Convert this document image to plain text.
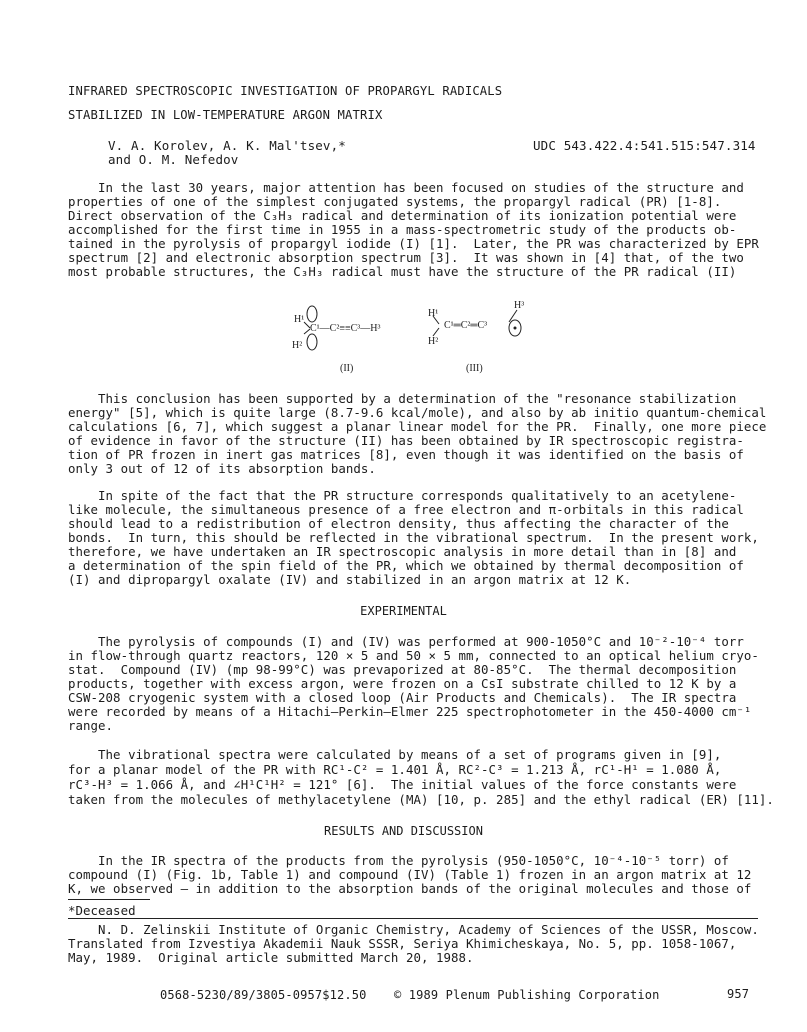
INFRARED SPECTROSCOPIC INVESTIGATION OF PROPARGYL RADICALS
STABILIZED IN LOW-TEMPERATURE ARGON MATRIX
V. A. Korolev, A. K. Mal'tsev,*
and O. M. Nefedov
UDC 543.422.4:541.515:547.314
In the last 30 years, major attention has been focused on studies of the structure and
properties of one of the simplest conjugated systems, the propargyl radical (PR) [1-8].
Direct observation of the C₃H₃ radical and determination of its ionization potential were
accomplished for the first time in 1955 in a mass-spectrometric study of the products ob-
tained in the pyrolysis of propargyl iodide (I) [1].  Later, the PR was characterized by EPR
spectrum [2] and electronic absorption spectrum [3].  It was shown in [4] that, of the two
most probable structures, the C₃H₃ radical must have the structure of the PR radical (II)
H¹
H²
C¹—C²≡≡C³—H³
H¹
H²
H³
C¹═C²═C³
(II)	(III)
This conclusion has been supported by a determination of the "resonance stabilization
energy" [5], which is quite large (8.7-9.6 kcal/mole), and also by ab initio quantum-chemical
calculations [6, 7], which suggest a planar linear model for the PR.  Finally, one more piece
of evidence in favor of the structure (II) has been obtained by IR spectroscopic registra-
tion of PR frozen in inert gas matrices [8], even though it was identified on the basis of
only 3 out of 12 of its absorption bands.
In spite of the fact that the PR structure corresponds qualitatively to an acetylene-
like molecule, the simultaneous presence of a free electron and π-orbitals in this radical
should lead to a redistribution of electron density, thus affecting the character of the
bonds.  In turn, this should be reflected in the vibrational spectrum.  In the present work,
therefore, we have undertaken an IR spectroscopic analysis in more detail than in [8] and
a determination of the spin field of the PR, which we obtained by thermal decomposition of
(I) and dipropargyl oxalate (IV) and stabilized in an argon matrix at 12 K.
EXPERIMENTAL
The pyrolysis of compounds (I) and (IV) was performed at 900-1050°C and 10⁻²-10⁻⁴ torr
in flow-through quartz reactors, 120 × 5 and 50 × 5 mm, connected to an optical helium cryo-
stat.  Compound (IV) (mp 98-99°C) was prevaporized at 80-85°C.  The thermal decomposition
products, together with excess argon, were frozen on a CsI substrate chilled to 12 K by a
CSW-208 cryogenic system with a closed loop (Air Products and Chemicals).  The IR spectra
were recorded by means of a Hitachi—Perkin—Elmer 225 spectrophotometer in the 450-4000 cm⁻¹
range.
The vibrational spectra were calculated by means of a set of programs given in [9],
for a planar model of the PR with RC¹-C² = 1.401 Å, RC²-C³ = 1.213 Å, rC¹-H¹ = 1.080 Å,
rC³-H³ = 1.066 Å, and ∠H¹C¹H² = 121° [6].  The initial values of the force constants were
taken from the molecules of methylacetylene (MA) [10, p. 285] and the ethyl radical (ER) [11].
RESULTS AND DISCUSSION
In the IR spectra of the products from the pyrolysis (950-1050°C, 10⁻⁴-10⁻⁵ torr) of
compound (I) (Fig. 1b, Table 1) and compound (IV) (Table 1) frozen in an argon matrix at 12
K, we observed — in addition to the absorption bands of the original molecules and those of
*Deceased
N. D. Zelinskii Institute of Organic Chemistry, Academy of Sciences of the USSR, Moscow.
Translated from Izvestiya Akademii Nauk SSSR, Seriya Khimicheskaya, No. 5, pp. 1058-1067,
May, 1989.  Original article submitted March 20, 1988.
0568-5230/89/3805-0957$12.50 © 1989 Plenum Publishing Corporation	957
